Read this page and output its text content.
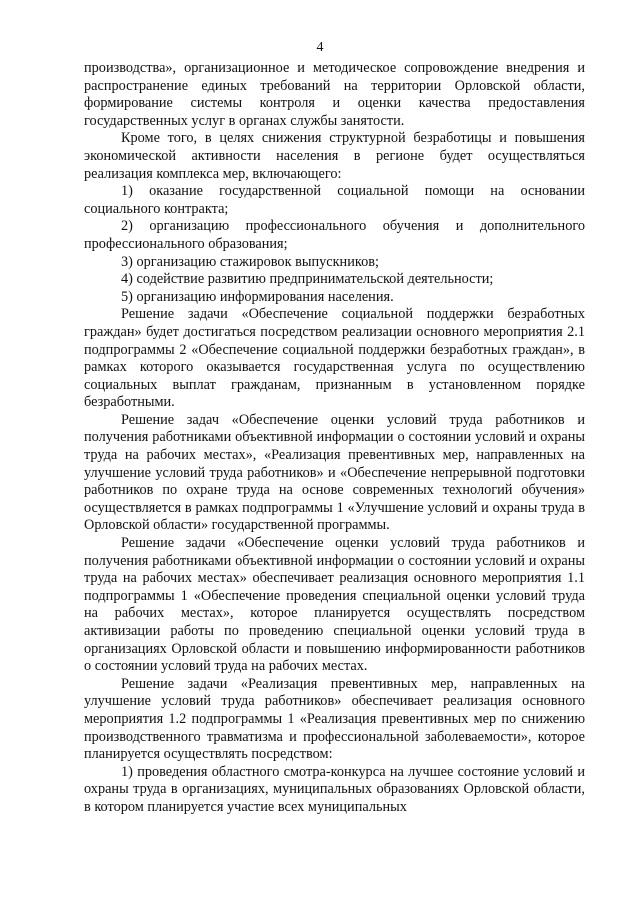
4

производства», организационное и методическое сопровождение внедрения и распространение единых требований на территории Орловской области, формирование системы контроля и оценки качества предоставления государственных услуг в органах службы занятости.

Кроме того, в целях снижения структурной безработицы и повышения экономической активности населения в регионе будет осуществляться реализация комплекса мер, включающего:

1) оказание государственной социальной помощи на основании социального контракта;

2) организацию профессионального обучения и дополнительного профессионального образования;

3) организацию стажировок выпускников;

4) содействие развитию предпринимательской деятельности;

5) организацию информирования населения.

Решение задачи «Обеспечение социальной поддержки безработных граждан» будет достигаться посредством реализации основного мероприятия 2.1 подпрограммы 2 «Обеспечение социальной поддержки безработных граждан», в рамках которого оказывается государственная услуга по осуществлению социальных выплат гражданам, признанным в установленном порядке безработными.

Решение задач «Обеспечение оценки условий труда работников и получения работниками объективной информации о состоянии условий и охраны труда на рабочих местах», «Реализация превентивных мер, направленных на улучшение условий труда работников» и «Обеспечение непрерывной подготовки работников по охране труда на основе современных технологий обучения» осуществляется в рамках подпрограммы 1 «Улучшение условий и охраны труда в Орловской области» государственной программы.

Решение задачи «Обеспечение оценки условий труда работников и получения работниками объективной информации о состоянии условий и охраны труда на рабочих местах» обеспечивает реализация основного мероприятия 1.1 подпрограммы 1 «Обеспечение проведения специальной оценки условий труда на рабочих местах», которое планируется осуществлять посредством активизации работы по проведению специальной оценки условий труда в организациях Орловской области и повышению информированности работников о состоянии условий труда на рабочих местах.

Решение задачи «Реализация превентивных мер, направленных на улучшение условий труда работников» обеспечивает реализация основного мероприятия 1.2 подпрограммы 1 «Реализация превентивных мер по снижению производственного травматизма и профессиональной заболеваемости», которое планируется осуществлять посредством:

1) проведения областного смотра-конкурса на лучшее состояние условий и охраны труда в организациях, муниципальных образованиях Орловской области, в котором планируется участие всех муниципальных
